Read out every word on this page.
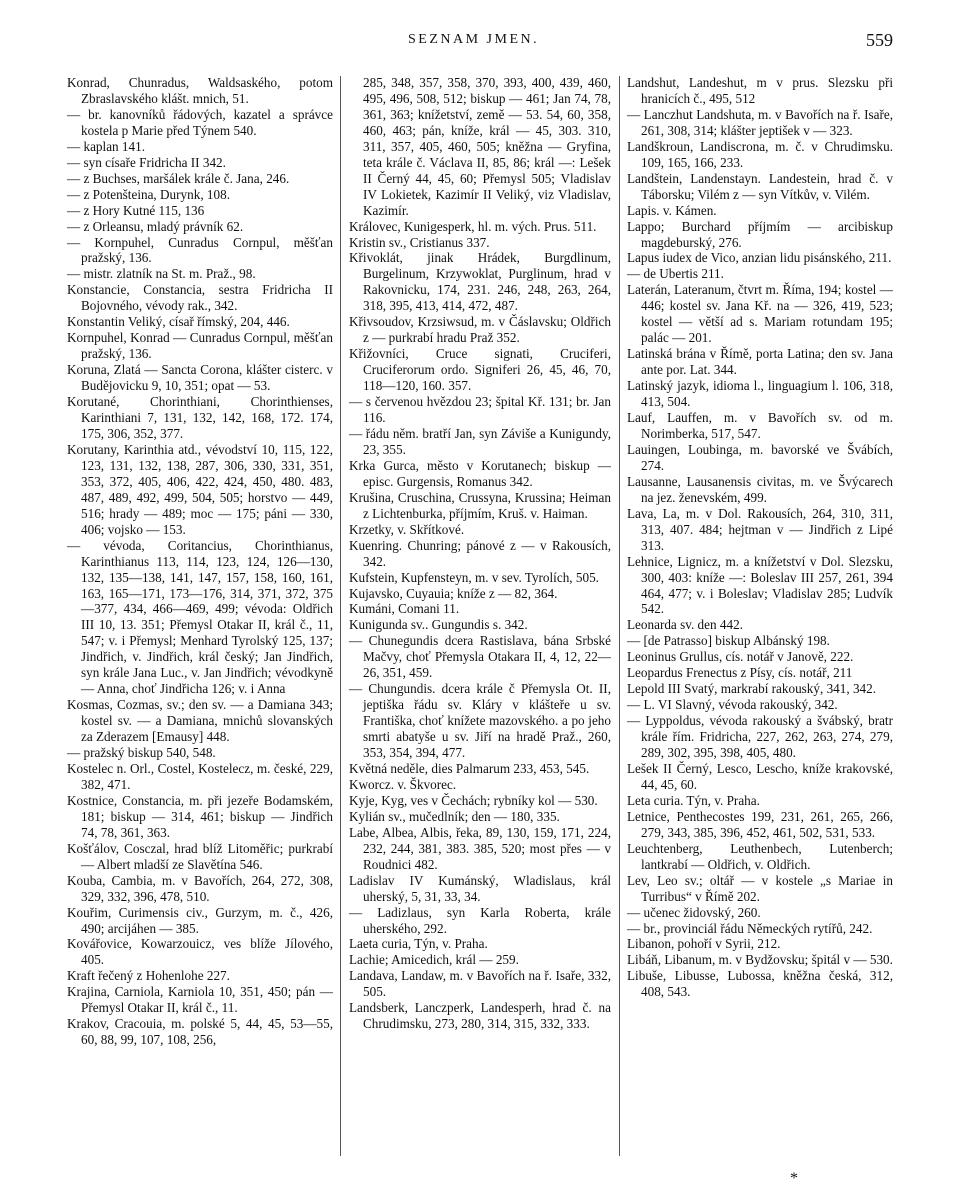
SEZNAM JMEN.	559

Konrad, Chunradus, Waldsaského, potom Zbraslavského klášt. mnich, 51.

— br. kanovníků řádových, kazatel a správce kostela p Marie před Týnem 540.

— kaplan 141.

— syn císaře Fridricha II 342.

— z Buchses, maršálek krále č. Jana, 246.

— z Potenšteina, Durynk, 108.

— z Hory Kutné 115, 136

— z Orleansu, mladý právník 62.

— Kornpuhel, Cunradus Cornpul, měšťan pražský, 136.

— mistr. zlatník na St. m. Praž., 98.

Konstancie, Constancia, sestra Fridricha II Bojovného, vévody rak., 342.

Konstantin Veliký, císař římský, 204, 446.

Kornpuhel, Konrad — Cunradus Cornpul, měšťan pražský, 136.

Koruna, Zlatá — Sancta Corona, klášter cisterc. v Budějovicku 9, 10, 351; opat — 53.

Korutané, Chorinthiani, Chorinthienses, Karinthiani 7, 131, 132, 142, 168, 172. 174, 175, 306, 352, 377.

Korutany, Karinthia atd., vévodství 10, 115, 122, 123, 131, 132, 138, 287, 306, 330, 331, 351, 353, 372, 405, 406, 422, 424, 450, 480. 483, 487, 489, 492, 499, 504, 505; horstvo — 449, 516; hrady — 489; moc — 175; páni — 330, 406; vojsko — 153.

— vévoda, Coritancius, Chorinthianus, Karinthianus 113, 114, 123, 124, 126—130, 132, 135—138, 141, 147, 157, 158, 160, 161, 163, 165—171, 173—176, 314, 371, 372, 375—377, 434, 466—469, 499; vévoda: Oldřich III 10, 13. 351; Přemysl Otakar II, král č., 11, 547; v. i Přemysl; Menhard Tyrolský 125, 137; Jindřich, v. Jindřich, král český; Jan Jindřich, syn krále Jana Luc., v. Jan Jindřich; vévodkyně — Anna, choť Jindřicha 126; v. i Anna

Kosmas, Cozmas, sv.; den sv. — a Damiana 343; kostel sv. — a Damiana, mnichů slovanských za Zderazem [Emausy] 448.

— pražský biskup 540, 548.

Kostelec n. Orl., Costel, Kostelecz, m. české, 229, 382, 471.

Kostnice, Constancia, m. při jezeře Bodamském, 181; biskup — 314, 461; biskup — Jindřich 74, 78, 361, 363.

Košťálov, Cosczal, hrad blíž Litoměřic; purkrabí — Albert mladší ze Slavětína 546.

Kouba, Cambia, m. v Bavořích, 264, 272, 308, 329, 332, 396, 478, 510.

Kouřim, Curimensis civ., Gurzym, m. č., 426, 490; arcijáhen — 385.

Kovářovice, Kowarzouicz, ves blíže Jílového, 405.

Kraft řečený z Hohenlohe 227.

Krajina, Carniola, Karniola 10, 351, 450; pán — Přemysl Otakar II, král č., 11.

Krakov, Cracouia, m. polské 5, 44, 45, 53—55, 60, 88, 99, 107, 108, 256,

285, 348, 357, 358, 370, 393, 400, 439, 460, 495, 496, 508, 512; biskup — 461; Jan 74, 78, 361, 363; knížetství, země — 53. 54, 60, 358, 460, 463; pán, kníže, král — 45, 303. 310, 311, 357, 405, 460, 505; kněžna — Gryfina, teta krále č. Václava II, 85, 86; král —: Lešek II Černý 44, 45, 60; Přemysl 505; Vladislav IV Lokietek, Kazimír II Veliký, viz Vladislav, Kazimír.

Královec, Kunigesperk, hl. m. vých. Prus. 511.

Kristin sv., Cristianus 337.

Křivoklát, jinak Hrádek, Burgdlinum, Burgelinum, Krzywoklat, Purglinum, hrad v Rakovnicku, 174, 231. 246, 248, 263, 264, 318, 395, 413, 414, 472, 487.

Křivsoudov, Krzsiwsud, m. v Čáslavsku; Oldřich z — purkrabí hradu Praž 352.

Křižovníci, Cruce signati, Cruciferi, Cruciferorum ordo. Signiferi 26, 45, 46, 70, 118—120, 160. 357.

— s červenou hvězdou 23; špital Kř. 131; br. Jan 116.

— řádu něm. bratří Jan, syn Záviše a Kunigundy, 23, 355.

Krka Gurca, město v Korutanech; biskup — episc. Gurgensis, Romanus 342.

Krušina, Cruschina, Crussyna, Krussina; Heiman z Lichtenburka, příjmím, Kruš. v. Haiman.

Krzetky, v. Skřítkové.

Kuenring. Chunring; pánové z — v Rakousích, 342.

Kufstein, Kupfensteyn, m. v sev. Tyrolích, 505.

Kujavsko, Cuyauia; kníže z — 82, 364.

Kumáni, Comani 11.

Kunigunda sv.. Gungundis s. 342.

— Chunegundis dcera Rastislava, bána Srbské Mačvy, choť Přemysla Otakara II, 4, 12, 22—26, 351, 459.

— Chungundis. dcera krále č Přemysla Ot. II, jeptiška řádu sv. Kláry v klášteře u sv. Františka, choť knížete mazovského. a po jeho smrti abatyše u sv. Jiří na hradě Praž., 260, 353, 354, 394, 477.

Květná neděle, dies Palmarum 233, 453, 545.

Kworcz. v. Škvorec.

Kyje, Kyg, ves v Čechách; rybníky kol — 530.

Kylián sv., mučedlník; den — 180, 335.

Labe, Albea, Albis, řeka, 89, 130, 159, 171, 224, 232, 244, 381, 383. 385, 520; most přes — v Roudnici 482.

Ladislav IV Kumánský, Wladislaus, král uherský, 5, 31, 33, 34.

— Ladizlaus, syn Karla Roberta, krále uherského, 292.

Laeta curia, Týn, v. Praha.

Lachie; Amicedich, král — 259.

Landava, Landaw, m. v Bavořích na ř. Isaře, 332, 505.

Landsberk, Lanczperk, Landesperh, hrad č. na Chrudimsku, 273, 280, 314, 315, 332, 333.

Landshut, Landeshut, m v prus. Slezsku při hranicích č., 495, 512

— Lanczhut Landshuta, m. v Bavořích na ř. Isaře, 261, 308, 314; klášter jeptišek v — 323.

Landškroun, Landiscrona, m. č. v Chrudimsku. 109, 165, 166, 233.

Landštein, Landenstayn. Landestein, hrad č. v Táborsku; Vilém z — syn Vítkův, v. Vilém.

Lapis. v. Kámen.

Lappo; Burchard příjmím — arcibiskup magdeburský, 276.

Lapus iudex de Vico, anzian lidu pisánského, 211.

— de Ubertis 211.

Laterán, Lateranum, čtvrt m. Říma, 194; kostel — 446; kostel sv. Jana Kř. na — 326, 419, 523; kostel — větší ad s. Mariam rotundam 195; palác — 201.

Latinská brána v Římě, porta Latina; den sv. Jana ante por. Lat. 344.

Latinský jazyk, idioma l., linguagium l. 106, 318, 413, 504.

Lauf, Lauffen, m. v Bavořích sv. od m. Norimberka, 517, 547.

Lauingen, Loubinga, m. bavorské ve Švábích, 274.

Lausanne, Lausanensis civitas, m. ve Švýcarech na jez. ženevském, 499.

Lava, La, m. v Dol. Rakousích, 264, 310, 311, 313, 407. 484; hejtman v — Jindřich z Lipé 313.

Lehnice, Lignicz, m. a knížetství v Dol. Slezsku, 300, 403: kníže —: Boleslav III 257, 261, 394 464, 477; v. i Boleslav; Vladislav 285; Ludvík 542.

Leonarda sv. den 442.

— [de Patrasso] biskup Albánský 198.

Leoninus Grullus, cís. notář v Janově, 222.

Leopardus Frenectus z Písy, cís. notář, 211

Lepold III Svatý, markrabí rakouský, 341, 342.

— L. VI Slavný, vévoda rakouský, 342.

— Lyppoldus, vévoda rakouský a švábský, bratr krále řím. Fridricha, 227, 262, 263, 274, 279, 289, 302, 395, 398, 405, 480.

Lešek II Černý, Lesco, Lescho, kníže krakovské, 44, 45, 60.

Leta curia. Týn, v. Praha.

Letnice, Penthecostes 199, 231, 261, 265, 266, 279, 343, 385, 396, 452, 461, 502, 531, 533.

Leuchtenberg, Leuthenbech, Lutenberch; lantkrabí — Oldřich, v. Oldřich.

Lev, Leo sv.; oltář — v kostele „s Mariae in Turribus“ v Římě 202.

— učenec židovský, 260.

— br., provinciál řádu Německých rytířů, 242.

Libanon, pohoří v Syrii, 212.

Libáň, Libanum, m. v Bydžovsku; špitál v — 530.

Libuše, Libusse, Lubossa, kněžna česká, 312, 408, 543.

*
